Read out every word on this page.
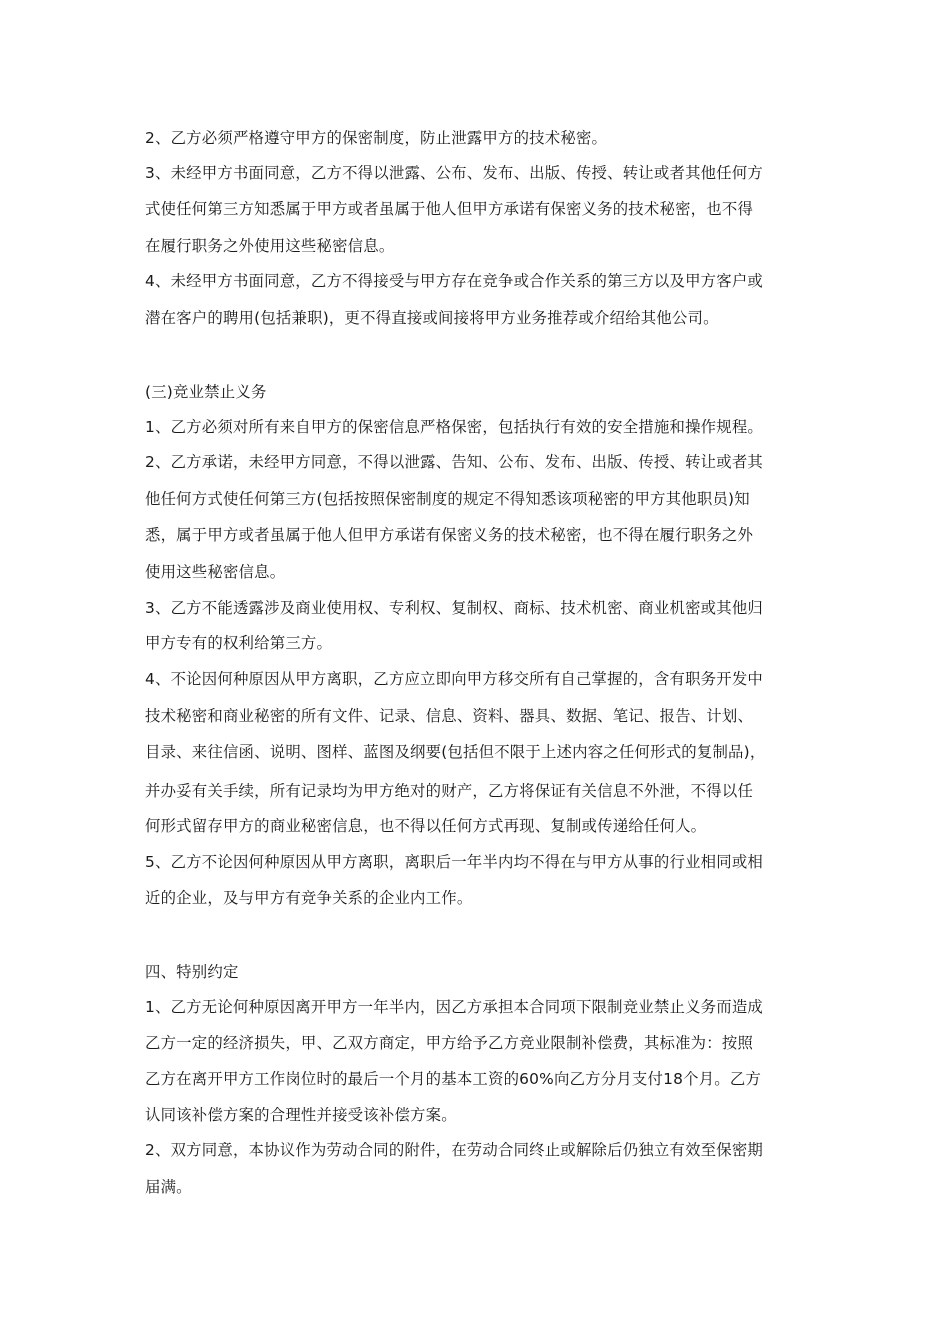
2、乙方必须严格遵守甲方的保密制度，防止泄露甲方的技术秘密。
3、未经甲方书面同意，乙方不得以泄露、公布、发布、出版、传授、转让或者其他任何方
式使任何第三方知悉属于甲方或者虽属于他人但甲方承诺有保密义务的技术秘密，也不得
在履行职务之外使用这些秘密信息。
4、未经甲方书面同意，乙方不得接受与甲方存在竞争或合作关系的第三方以及甲方客户或
潜在客户的聘用(包括兼职)，更不得直接或间接将甲方业务推荐或介绍给其他公司。
(三)竞业禁止义务
1、乙方必须对所有来自甲方的保密信息严格保密，包括执行有效的安全措施和操作规程。
2、乙方承诺，未经甲方同意，不得以泄露、告知、公布、发布、出版、传授、转让或者其
他任何方式使任何第三方(包括按照保密制度的规定不得知悉该项秘密的甲方其他职员)知
悉，属于甲方或者虽属于他人但甲方承诺有保密义务的技术秘密，也不得在履行职务之外
使用这些秘密信息。
3、乙方不能透露涉及商业使用权、专利权、复制权、商标、技术机密、商业机密或其他归
甲方专有的权利给第三方。
4、不论因何种原因从甲方离职，乙方应立即向甲方移交所有自己掌握的，含有职务开发中
技术秘密和商业秘密的所有文件、记录、信息、资料、器具、数据、笔记、报告、计划、
目录、来往信函、说明、图样、蓝图及纲要(包括但不限于上述内容之任何形式的复制品)，
并办妥有关手续，所有记录均为甲方绝对的财产，乙方将保证有关信息不外泄，不得以任
何形式留存甲方的商业秘密信息，也不得以任何方式再现、复制或传递给任何人。
5、乙方不论因何种原因从甲方离职，离职后一年半内均不得在与甲方从事的行业相同或相
近的企业，及与甲方有竞争关系的企业内工作。
四、特别约定
1、乙方无论何种原因离开甲方一年半内，因乙方承担本合同项下限制竞业禁止义务而造成
乙方一定的经济损失，甲、乙双方商定，甲方给予乙方竞业限制补偿费，其标准为：按照
乙方在离开甲方工作岗位时的最后一个月的基本工资的60%向乙方分月支付18个月。乙方
认同该补偿方案的合理性并接受该补偿方案。
2、双方同意，本协议作为劳动合同的附件，在劳动合同终止或解除后仍独立有效至保密期
届满。
